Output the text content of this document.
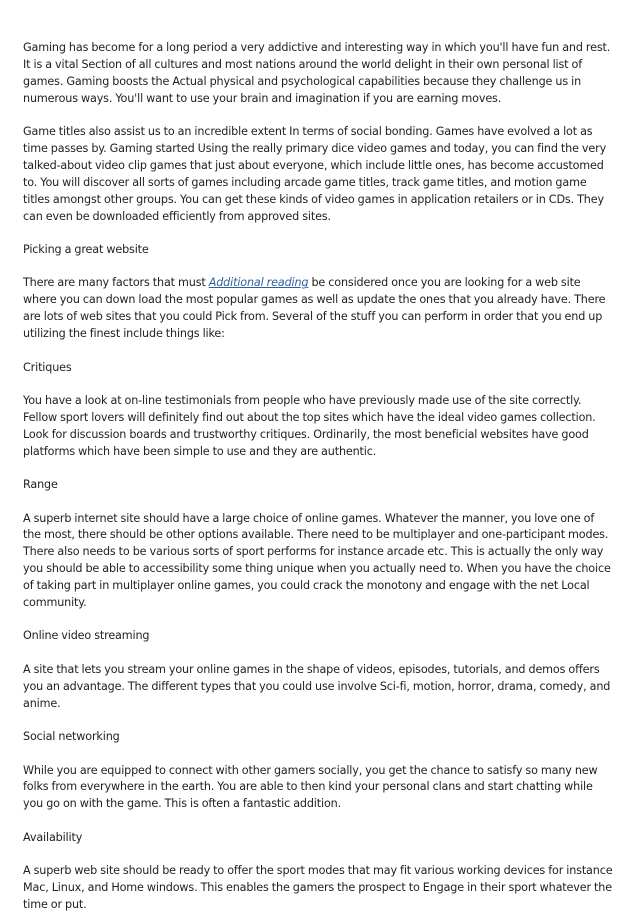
Gaming has become for a long period a very addictive and interesting way in which you'll have fun and rest. It is a vital Section of all cultures and most nations around the world delight in their own personal list of games. Gaming boosts the Actual physical and psychological capabilities because they challenge us in numerous ways. You'll want to use your brain and imagination if you are earning moves.

Game titles also assist us to an incredible extent In terms of social bonding. Games have evolved a lot as time passes by. Gaming started Using the really primary dice video games and today, you can find the very talked-about video clip games that just about everyone, which include little ones, has become accustomed to. You will discover all sorts of games including arcade game titles, track game titles, and motion game titles amongst other groups. You can get these kinds of video games in application retailers or in CDs. They can even be downloaded efficiently from approved sites.

Picking a great website

There are many factors that must Additional reading be considered once you are looking for a web site where you can down load the most popular games as well as update the ones that you already have. There are lots of web sites that you could Pick from. Several of the stuff you can perform in order that you end up utilizing the finest include things like:

Critiques

You have a look at on-line testimonials from people who have previously made use of the site correctly. Fellow sport lovers will definitely find out about the top sites which have the ideal video games collection. Look for discussion boards and trustworthy critiques. Ordinarily, the most beneficial websites have good platforms which have been simple to use and they are authentic.

Range

A superb internet site should have a large choice of online games. Whatever the manner, you love one of the most, there should be other options available. There need to be multiplayer and one-participant modes. There also needs to be various sorts of sport performs for instance arcade etc. This is actually the only way you should be able to accessibility some thing unique when you actually need to. When you have the choice of taking part in multiplayer online games, you could crack the monotony and engage with the net Local community.

Online video streaming

A site that lets you stream your online games in the shape of videos, episodes, tutorials, and demos offers you an advantage. The different types that you could use involve Sci-fi, motion, horror, drama, comedy, and anime.

Social networking

While you are equipped to connect with other gamers socially, you get the chance to satisfy so many new folks from everywhere in the earth. You are able to then kind your personal clans and start chatting while you go on with the game. This is often a fantastic addition.

Availability

A superb web site should be ready to offer the sport modes that may fit various working devices for instance Mac, Linux, and Home windows. This enables the gamers the prospect to Engage in their sport whatever the time or put.
